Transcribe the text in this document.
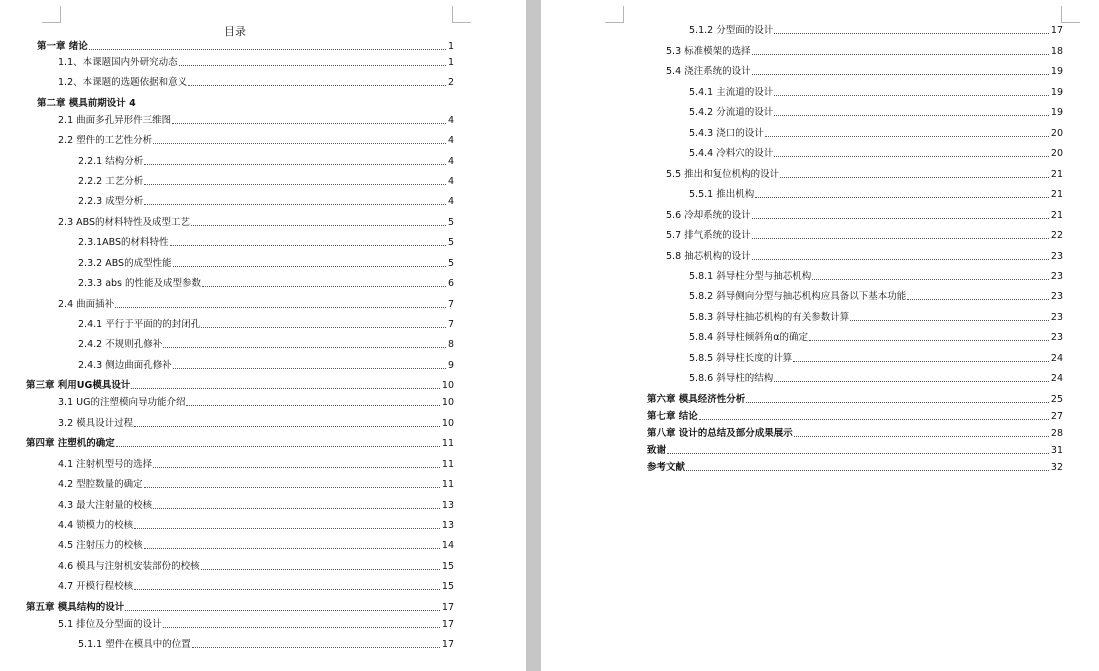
目录
第一章 绪论	1
1.1、本课题国内外研究动态	1
1.2、本课题的选题依据和意义	2
第二章 模具前期设计 4
2.1 曲面多孔异形件三维图	4
2.2 塑件的工艺性分析	4
2.2.1 结构分析	4
2.2.2 工艺分析	4
2.2.3 成型分析	4
2.3 ABS的材料特性及成型工艺	5
2.3.1ABS的材料特性	5
2.3.2 ABS的成型性能	5
2.3.3 abs 的性能及成型参数	6
2.4 曲面插补	7
2.4.1 平行于平面的的封闭孔	7
2.4.2 不规则孔修补	8
2.4.3 侧边曲面孔修补	9
第三章 利用UG模具设计	10
3.1 UG的注塑模向导功能介绍	10
3.2 模具设计过程	10
第四章 注塑机的确定	11
4.1 注射机型号的选择	11
4.2 型腔数量的确定	11
4.3 最大注射量的校核	13
4.4 锁模力的校核	13
4.5 注射压力的校核	14
4.6 模具与注射机安装部份的校核	15
4.7 开模行程校核	15
第五章 模具结构的设计	17
5.1 排位及分型面的设计	17
5.1.1 塑件在模具中的位置	17
5.1.2 分型面的设计	17
5.3 标准模架的选择	18
5.4 浇注系统的设计	19
5.4.1 主流道的设计	19
5.4.2 分流道的设计	19
5.4.3 浇口的设计	20
5.4.4 冷料穴的设计	20
5.5 推出和复位机构的设计	21
5.5.1 推出机构	21
5.6 冷却系统的设计	21
5.7 排气系统的设计	22
5.8 抽芯机构的设计	23
5.8.1 斜导柱分型与抽芯机构	23
5.8.2 斜导侧向分型与抽芯机构应具备以下基本功能	23
5.8.3 斜导柱抽芯机构的有关参数计算	23
5.8.4 斜导柱倾斜角α的确定	23
5.8.5 斜导柱长度的计算	24
5.8.6 斜导柱的结构	24
第六章 模具经济性分析	25
第七章 结论	27
第八章 设计的总结及部分成果展示	28
致谢	31
参考文献	32
